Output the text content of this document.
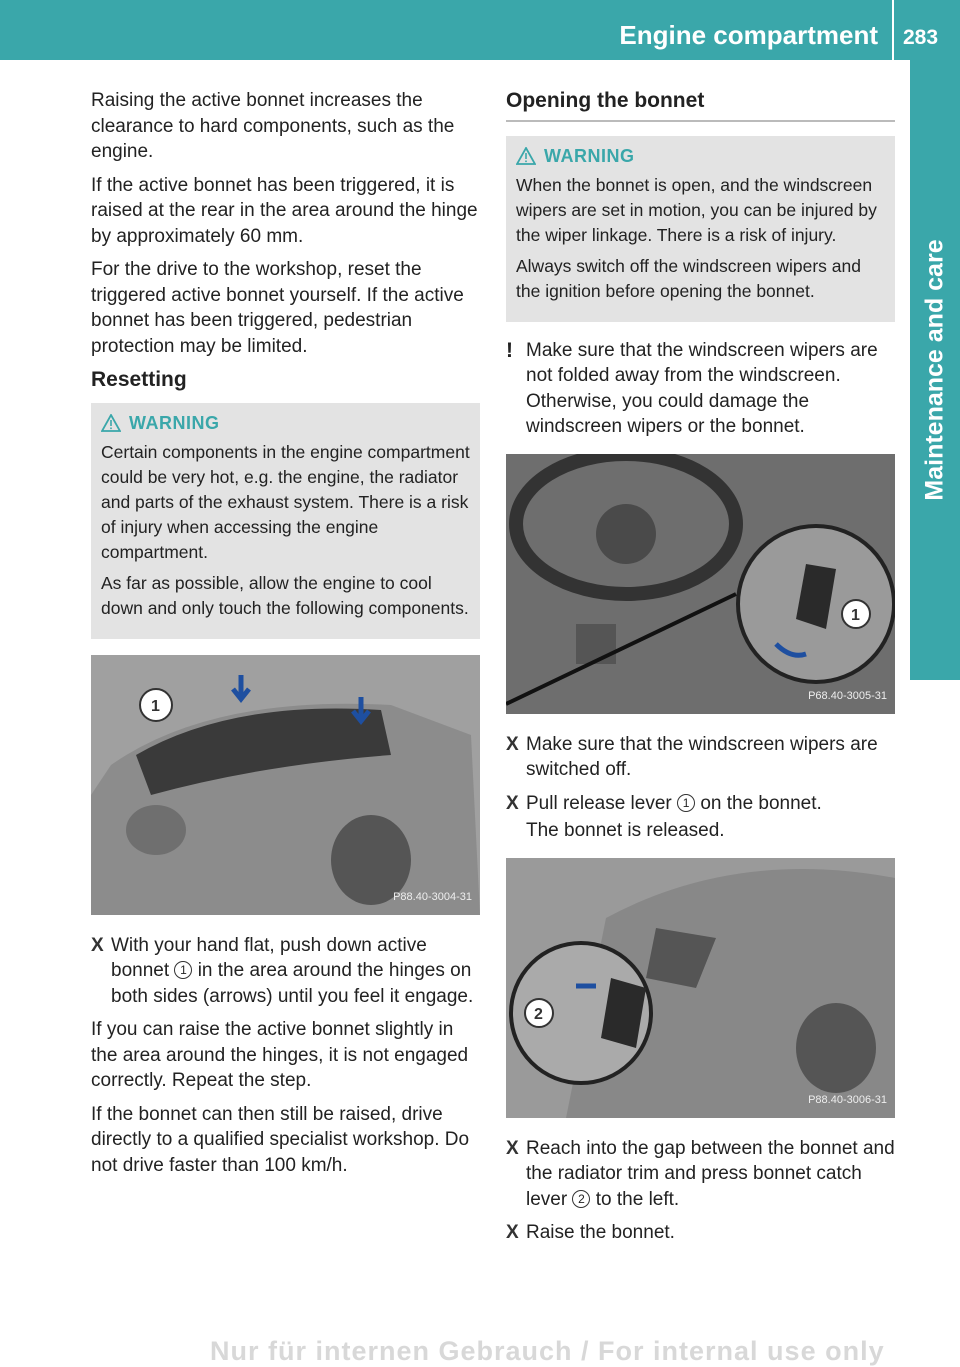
Engine compartment 283
Maintenance and care

Raising the active bonnet increases the clearance to hard components, such as the engine.

If the active bonnet has been triggered, it is raised at the rear in the area around the hinge by approximately 60 mm.

For the drive to the workshop, reset the triggered active bonnet yourself. If the active bonnet has been triggered, pedestrian protection may be limited.

Resetting
WARNING

Certain components in the engine compartment could be very hot, e.g. the engine, the radiator and parts of the exhaust system. There is a risk of injury when accessing the engine compartment.

As far as possible, allow the engine to cool down and only touch the following components.

1
P88.40-3004-31
X With your hand flat, push down active bonnet 1 in the area around the hinges on both sides (arrows) until you feel it engage.

If you can raise the active bonnet slightly in the area around the hinges, it is not engaged correctly. Repeat the step.

If the bonnet can then still be raised, drive directly to a qualified specialist workshop. Do not drive faster than 100 km/h.

Opening the bonnet
WARNING

When the bonnet is open, and the windscreen wipers are set in motion, you can be injured by the wiper linkage. There is a risk of injury.

Always switch off the windscreen wipers and the ignition before opening the bonnet.

! Make sure that the windscreen wipers are not folded away from the windscreen. Otherwise, you could damage the windscreen wipers or the bonnet.
1
P68.40-3005-31
X Make sure that the windscreen wipers are switched off.
X Pull release lever 1 on the bonnet.

The bonnet is released.

2
P88.40-3006-31
X Reach into the gap between the bonnet and the radiator trim and press bonnet catch lever 2 to the left.
X Raise the bonnet.
Nur für internen Gebrauch / For internal use only
